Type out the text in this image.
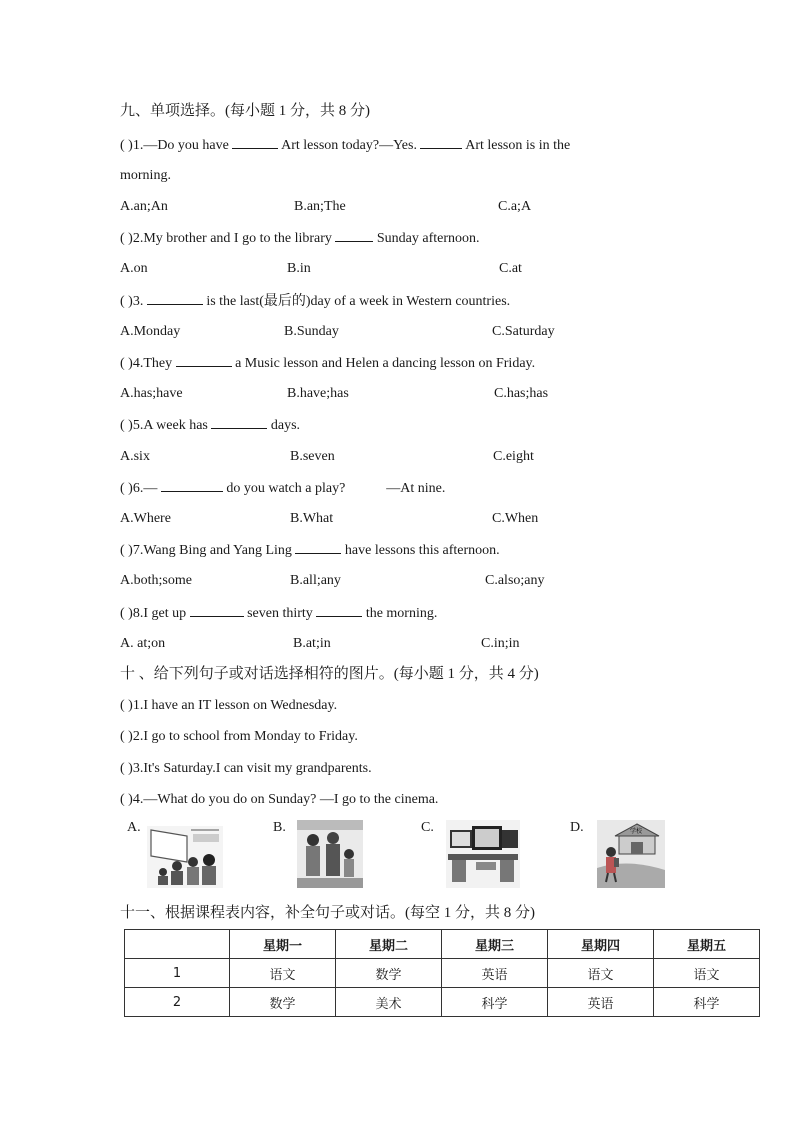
九、单项选择。(每小题 1 分，共 8 分)
( )1.—Do you have	Art lesson today?—Yes.	Art lesson is in the
morning.
A.an;An	B.an;The	C.a;A
( )2.My brother and I go to the library	Sunday afternoon.
A.on	B.in	C.at
( )3.	is the last(最后的)day of a week in Western countries.
A.Monday	B.Sunday	C.Saturday
( )4.They	a Music lesson and Helen a dancing lesson on Friday.
A.has;have	B.have;has	C.has;has
( )5.A week has	days.
A.six	B.seven	C.eight
( )6.—	do you watch a play?	—At nine.
A.Where	B.What	C.When
( )7.Wang Bing and Yang Ling	have lessons this afternoon.
A.both;some	B.all;any	C.also;any
( )8.I get up	seven thirty	the morning.
A. at;on	B.at;in	C.in;in
十 、给下列句子或对话选择相符的图片。(每小题 1 分，共 4 分)
( )1.I have an IT lesson on Wednesday.
( )2.I go to school from Monday to Friday.
( )3.It's Saturday.I can visit my grandparents.
( )4.—What do you do on Sunday? —I go to the cinema.
A.	B.	C.	D.	学校
十一、根据课程表内容，补全句子或对话。(每空 1 分，共 8 分)
	星期一	星期二	星期三	星期四	星期五
1	语文	数学	英语	语文	语文
2	数学	美术	科学	英语	科学
